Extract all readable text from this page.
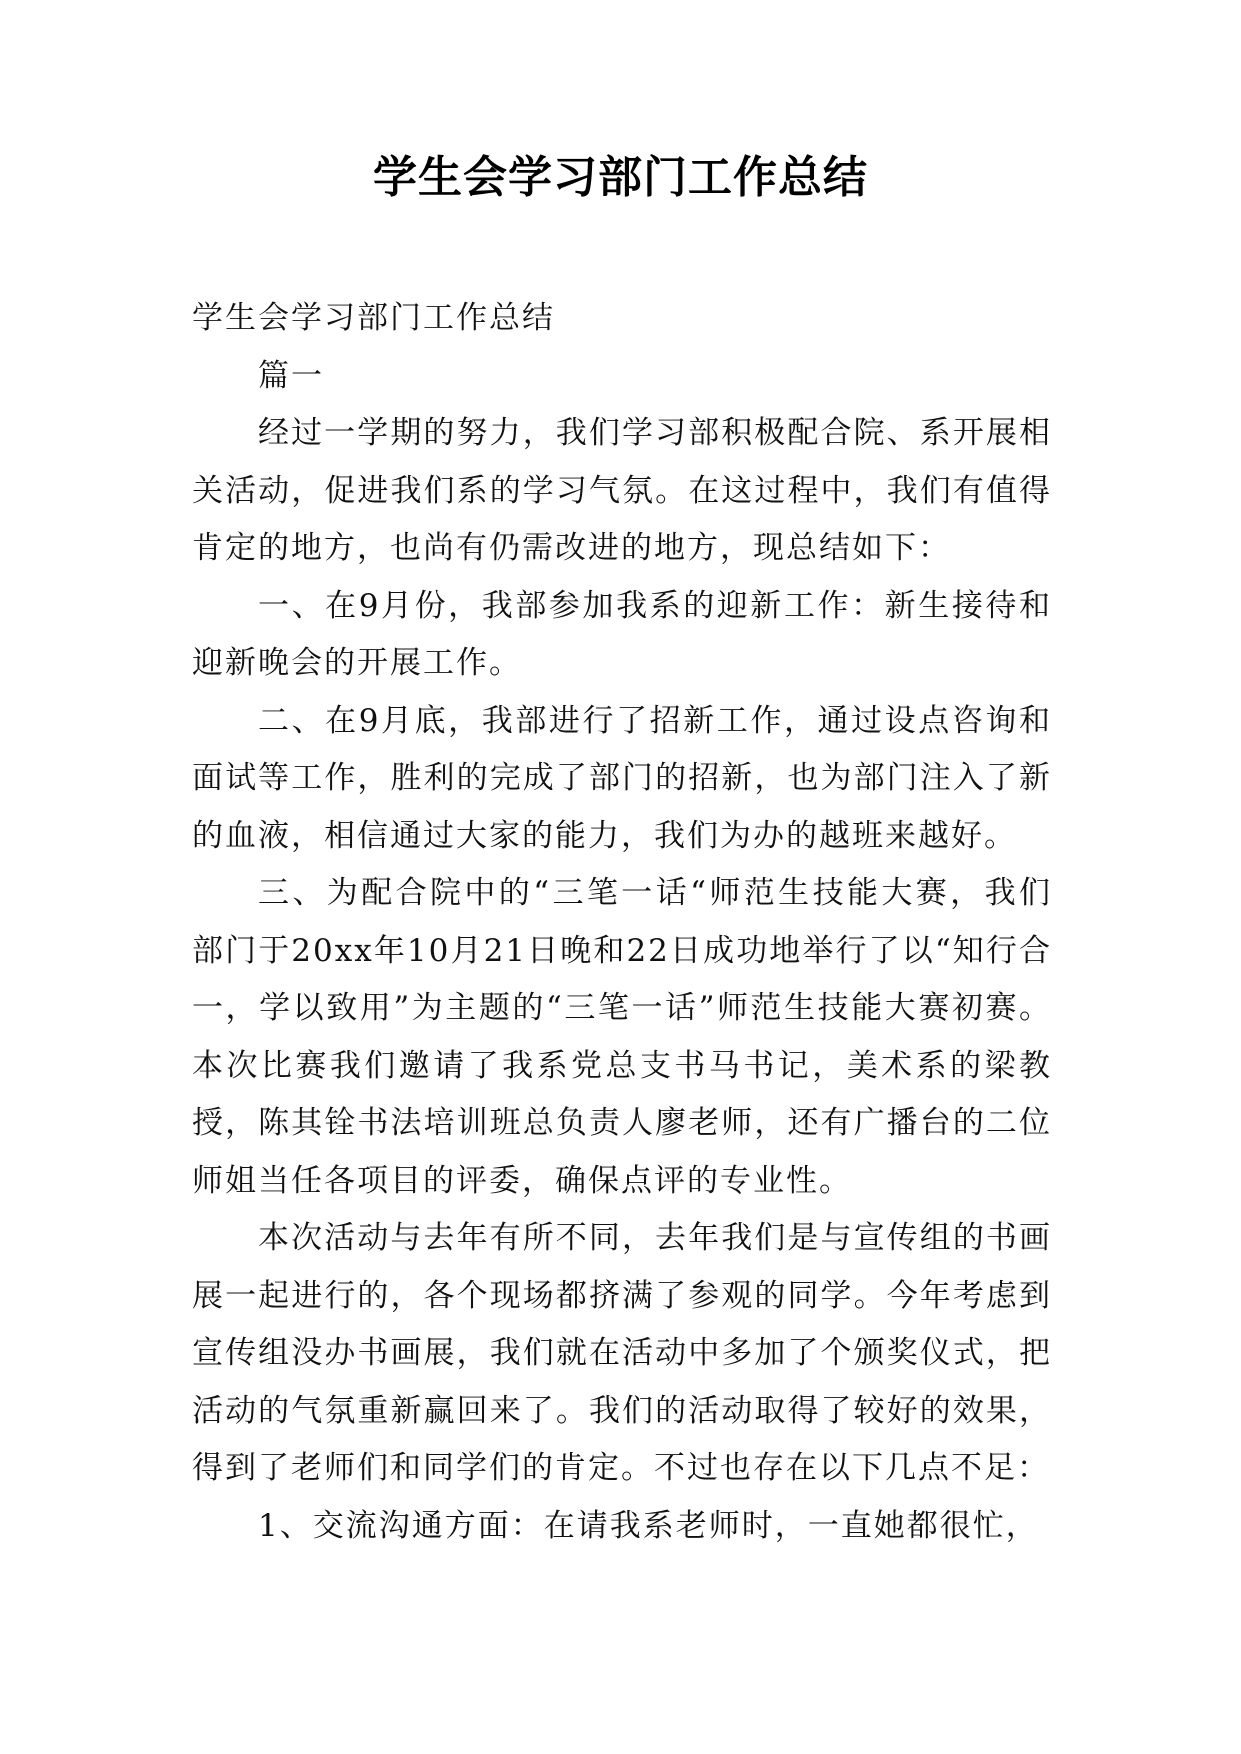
学生会学习部门工作总结

学生会学习部门工作总结

篇一

经过一学期的努力，我们学习部积极配合院、系开展相关活动，促进我们系的学习气氛。在这过程中，我们有值得肯定的地方，也尚有仍需改进的地方，现总结如下：

一、在9月份，我部参加我系的迎新工作：新生接待和迎新晚会的开展工作。

二、在9月底，我部进行了招新工作，通过设点咨询和面试等工作，胜利的完成了部门的招新，也为部门注入了新的血液，相信通过大家的能力，我们为办的越班来越好。

三、为配合院中的“三笔一话“师范生技能大赛，我们部门于20xx年10月21日晚和22日成功地举行了以“知行合一，学以致用”为主题的“三笔一话”师范生技能大赛初赛。本次比赛我们邀请了我系党总支书马书记，美术系的梁教授，陈其铨书法培训班总负责人廖老师，还有广播台的二位师姐当任各项目的评委，确保点评的专业性。

本次活动与去年有所不同，去年我们是与宣传组的书画展一起进行的，各个现场都挤满了参观的同学。今年考虑到宣传组没办书画展，我们就在活动中多加了个颁奖仪式，把活动的气氛重新赢回来了。我们的活动取得了较好的效果，得到了老师们和同学们的肯定。不过也存在以下几点不足：

1、交流沟通方面：在请我系老师时，一直她都很忙，
